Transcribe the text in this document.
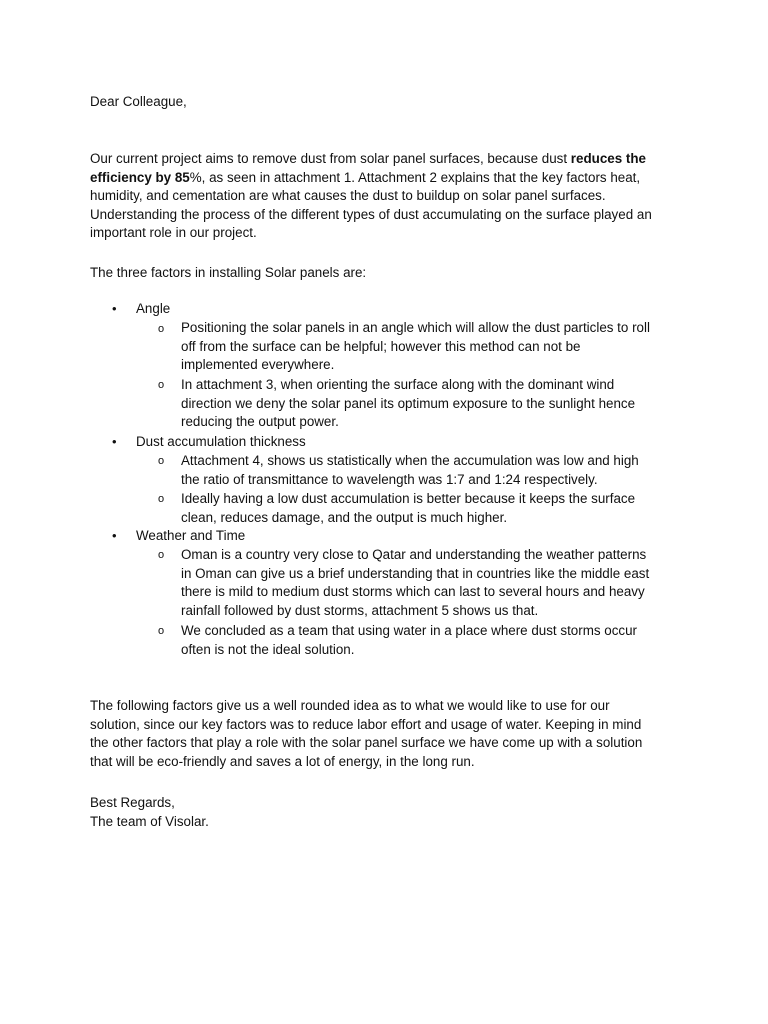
Dear Colleague,
Our current project aims to remove dust from solar panel surfaces, because dust reduces the
efficiency by 85%, as seen in attachment 1. Attachment 2 explains that the key factors heat,
humidity, and cementation are what causes the dust to buildup on solar panel surfaces.
Understanding the process of the different types of dust accumulating on the surface played an
important role in our project.
The three factors in installing Solar panels are:
• Angle
o Positioning the solar panels in an angle which will allow the dust particles to roll
off from the surface can be helpful; however this method can not be
implemented everywhere.
o In attachment 3, when orienting the surface along with the dominant wind
direction we deny the solar panel its optimum exposure to the sunlight hence
reducing the output power.
• Dust accumulation thickness
o Attachment 4, shows us statistically when the accumulation was low and high
the ratio of transmittance to wavelength was 1:7 and 1:24 respectively.
o Ideally having a low dust accumulation is better because it keeps the surface
clean, reduces damage, and the output is much higher.
• Weather and Time
o Oman is a country very close to Qatar and understanding the weather patterns
in Oman can give us a brief understanding that in countries like the middle east
there is mild to medium dust storms which can last to several hours and heavy
rainfall followed by dust storms, attachment 5 shows us that.
o We concluded as a team that using water in a place where dust storms occur
often is not the ideal solution.
The following factors give us a well rounded idea as to what we would like to use for our
solution, since our key factors was to reduce labor effort and usage of water. Keeping in mind
the other factors that play a role with the solar panel surface we have come up with a solution
that will be eco-friendly and saves a lot of energy, in the long run.
Best Regards,
The team of Visolar.
